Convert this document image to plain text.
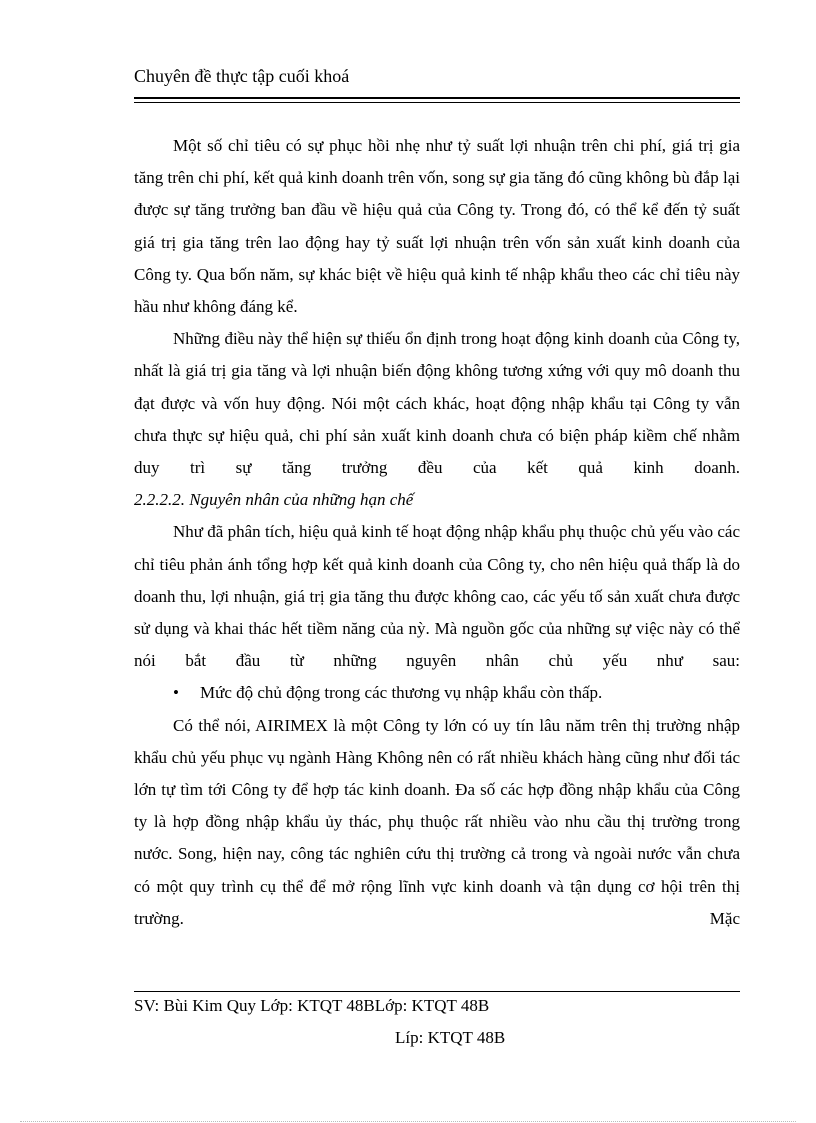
Chuyên đề thực tập cuối khoá

Một số chỉ tiêu có sự phục hồi nhẹ như tỷ suất lợi nhuận trên chi phí, giá trị gia tăng trên chi phí, kết quả kinh doanh trên vốn, song sự gia tăng đó cũng không bù đắp lại được sự tăng trưởng ban đầu về hiệu quả của Công ty. Trong đó, có thể kể đến tỷ suất giá trị gia tăng trên lao động hay tỷ suất lợi nhuận trên vốn sản xuất kinh doanh của Công ty. Qua bốn năm, sự khác biệt về hiệu quả kinh tế nhập khẩu theo các chỉ tiêu này hầu như không đáng kể.

Những điều này thể hiện sự thiếu ổn định trong hoạt động kinh doanh của Công ty, nhất là giá trị gia tăng và lợi nhuận biến động không tương xứng với quy mô doanh thu đạt được và vốn huy động. Nói một cách khác, hoạt động nhập khẩu tại Công ty vẫn chưa thực sự hiệu quả, chi phí sản xuất kinh doanh chưa có biện pháp kiềm chế nhằm duy trì sự tăng trưởng đều của kết quả kinh doanh.

2.2.2.2. Nguyên nhân của những hạn chế

Như đã phân tích, hiệu quả kinh tế hoạt động nhập khẩu phụ thuộc chủ yếu vào các chỉ tiêu phản ánh tổng hợp kết quả kinh doanh của Công ty, cho nên hiệu quả thấp là do doanh thu, lợi nhuận, giá trị gia tăng thu được không cao, các yếu tố sản xuất chưa được sử dụng và khai thác hết tiềm năng của nỳ. Mà nguồn gốc của những sự việc này có thể nói bắt đầu từ những nguyên nhân chủ yếu như sau:

•	Mức độ chủ động trong các thương vụ nhập khẩu còn thấp.

Có thể nói, AIRIMEX là một Công ty lớn có uy tín lâu năm trên thị trường nhập khẩu chủ yếu phục vụ ngành Hàng Không nên có rất nhiều khách hàng cũng như đối tác lớn tự tìm tới Công ty để hợp tác kinh doanh. Đa số các hợp đồng nhập khẩu của Công ty là hợp đồng nhập khẩu ủy thác, phụ thuộc rất nhiều vào nhu cầu thị trường trong nước. Song, hiện nay, công tác nghiên cứu thị trường cả trong và ngoài nước vẫn chưa có một quy trình cụ thể để mở rộng lĩnh vực kinh doanh và tận dụng cơ hội trên thị trường. Mặc

SV: Bùi Kim Quy Lớp: KTQT 48BLớp: KTQT 48B
Líp: KTQT 48B
